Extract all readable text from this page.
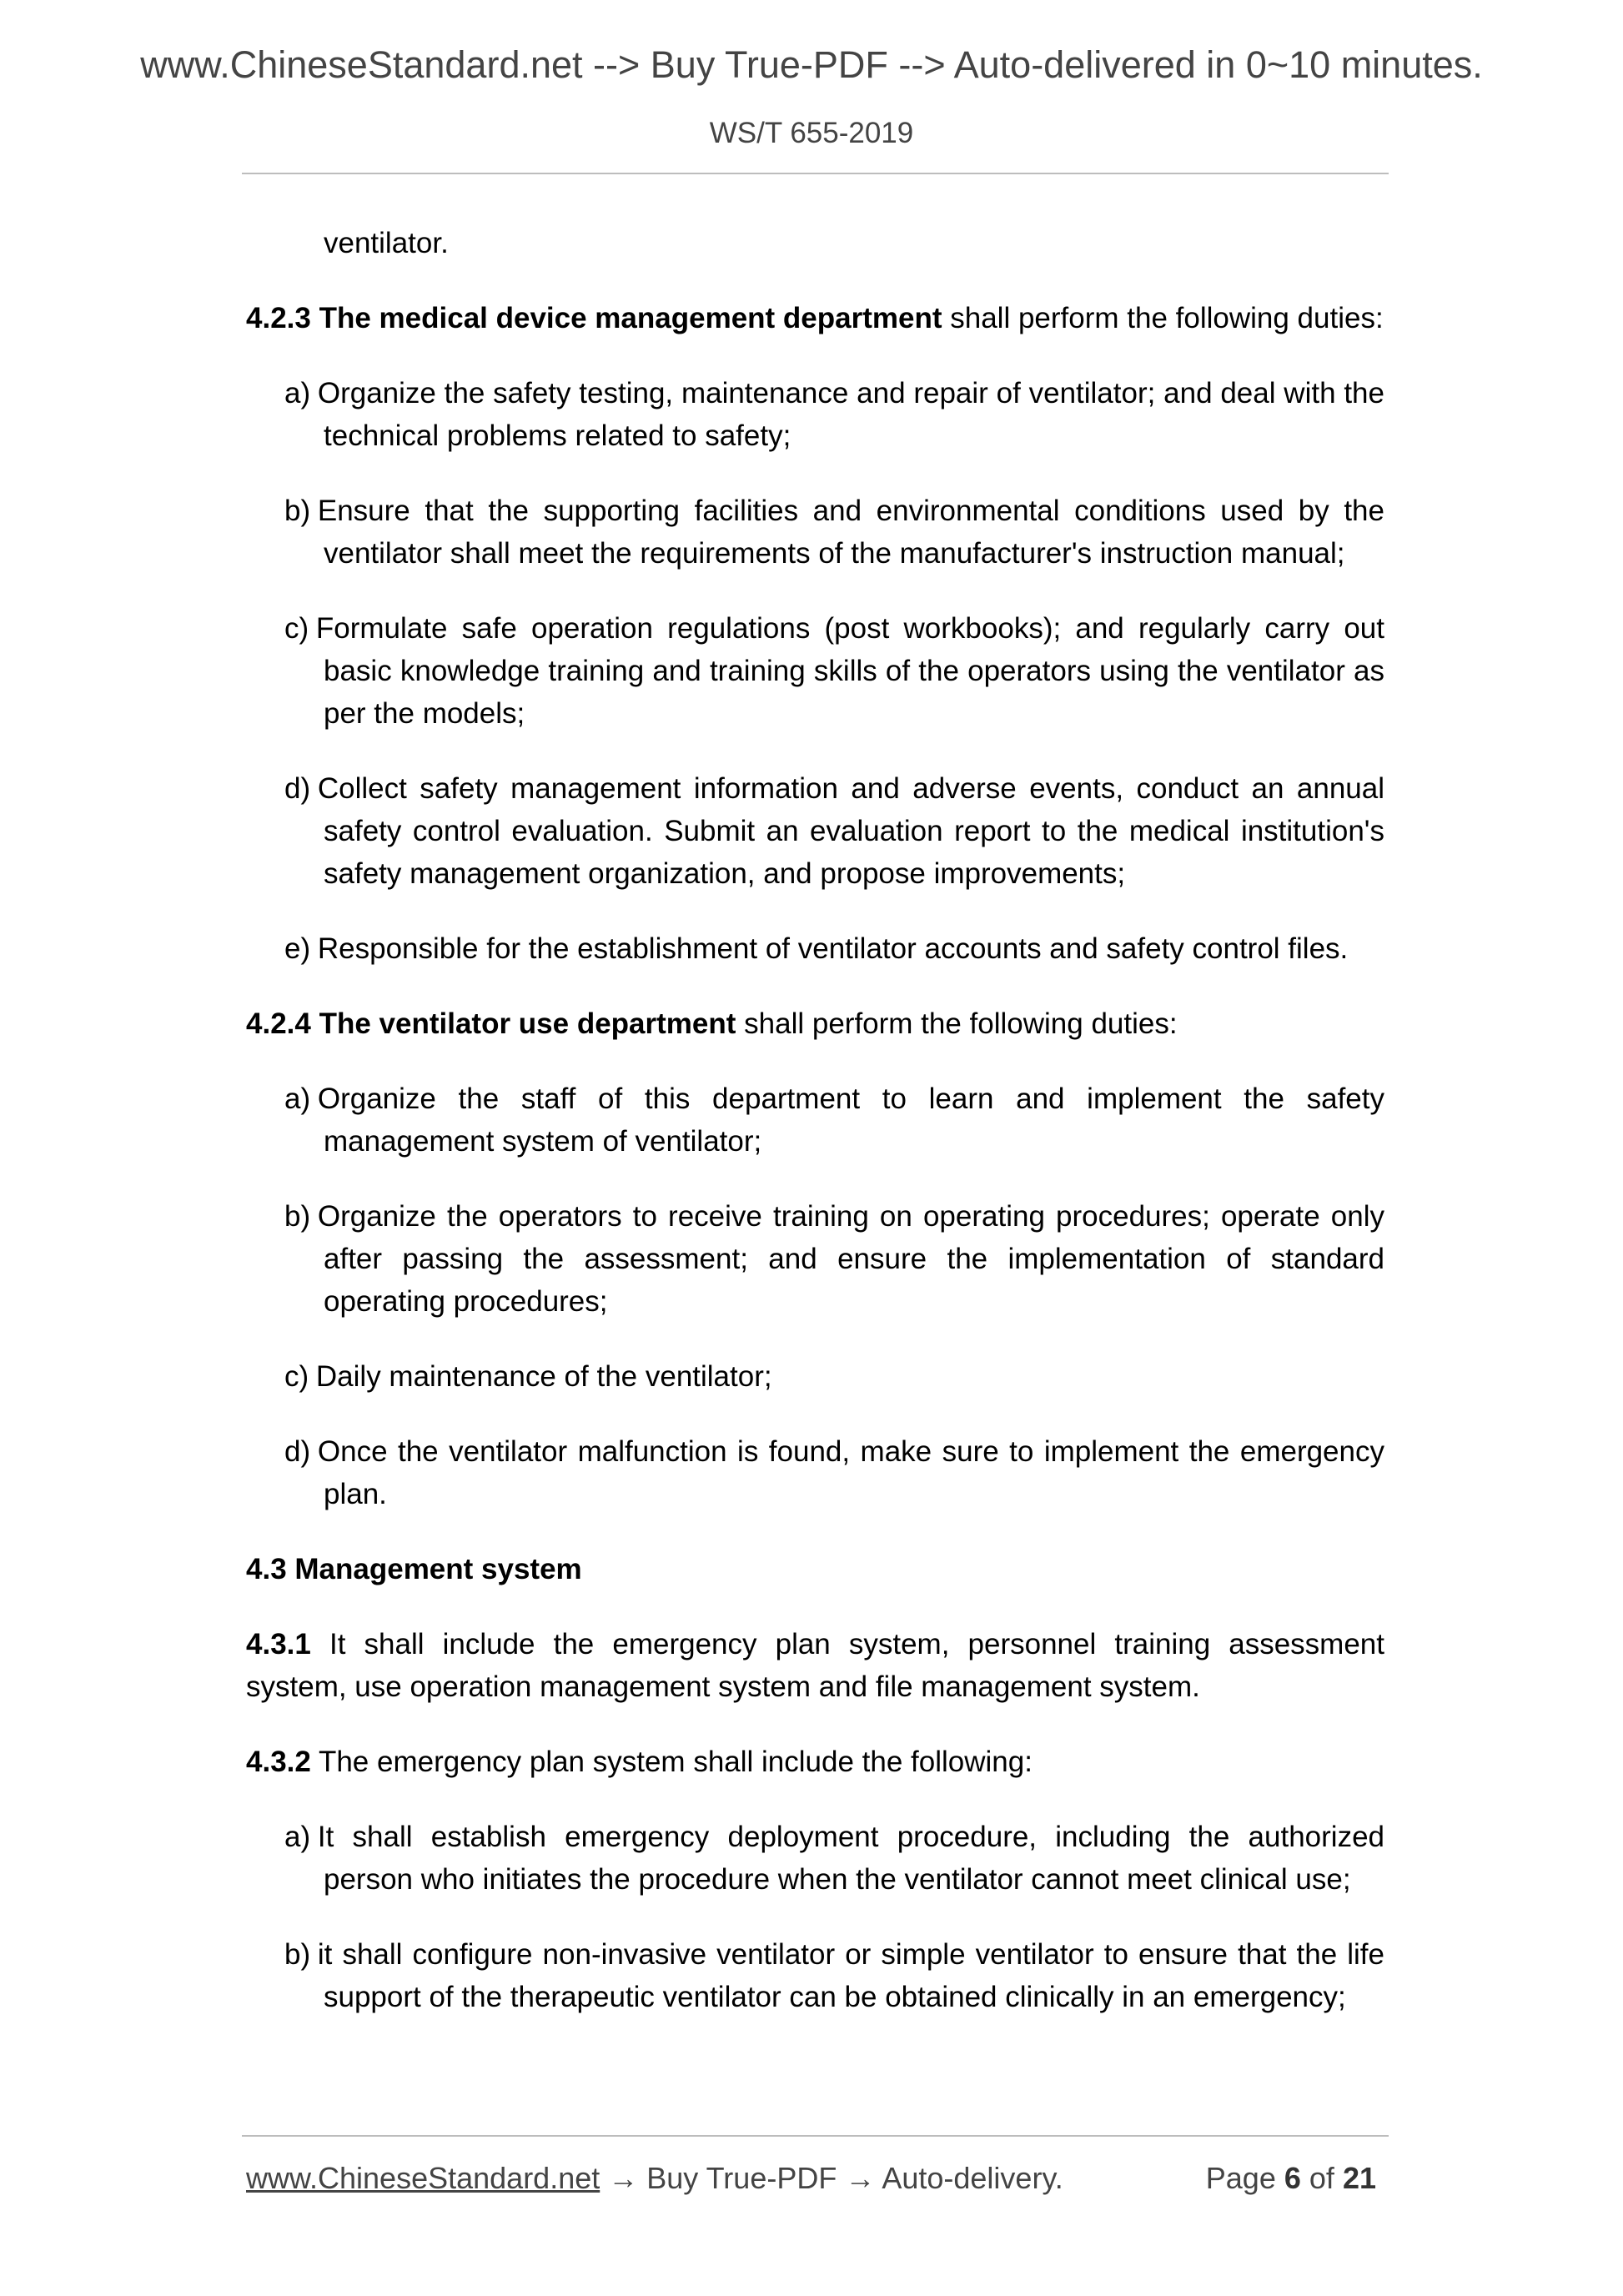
www.ChineseStandard.net --> Buy True-PDF --> Auto-delivered in 0~10 minutes.
WS/T 655-2019

ventilator.

4.2.3 The medical device management department shall perform the following duties:

a) Organize the safety testing, maintenance and repair of ventilator; and deal with the technical problems related to safety;

b) Ensure that the supporting facilities and environmental conditions used by the ventilator shall meet the requirements of the manufacturer's instruction manual;

c) Formulate safe operation regulations (post workbooks); and regularly carry out basic knowledge training and training skills of the operators using the ventilator as per the models;

d) Collect safety management information and adverse events, conduct an annual safety control evaluation. Submit an evaluation report to the medical institution's safety management organization, and propose improvements;

e) Responsible for the establishment of ventilator accounts and safety control files.

4.2.4 The ventilator use department shall perform the following duties:

a) Organize the staff of this department to learn and implement the safety management system of ventilator;

b) Organize the operators to receive training on operating procedures; operate only after passing the assessment; and ensure the implementation of standard operating procedures;

c) Daily maintenance of the ventilator;

d) Once the ventilator malfunction is found, make sure to implement the emergency plan.

4.3 Management system

4.3.1 It shall include the emergency plan system, personnel training assessment system, use operation management system and file management system.

4.3.2 The emergency plan system shall include the following:

a) It shall establish emergency deployment procedure, including the authorized person who initiates the procedure when the ventilator cannot meet clinical use;

b) it shall configure non-invasive ventilator or simple ventilator to ensure that the life support of the therapeutic ventilator can be obtained clinically in an emergency;

www.ChineseStandard.net → Buy True-PDF → Auto-delivery.	Page 6 of 21
